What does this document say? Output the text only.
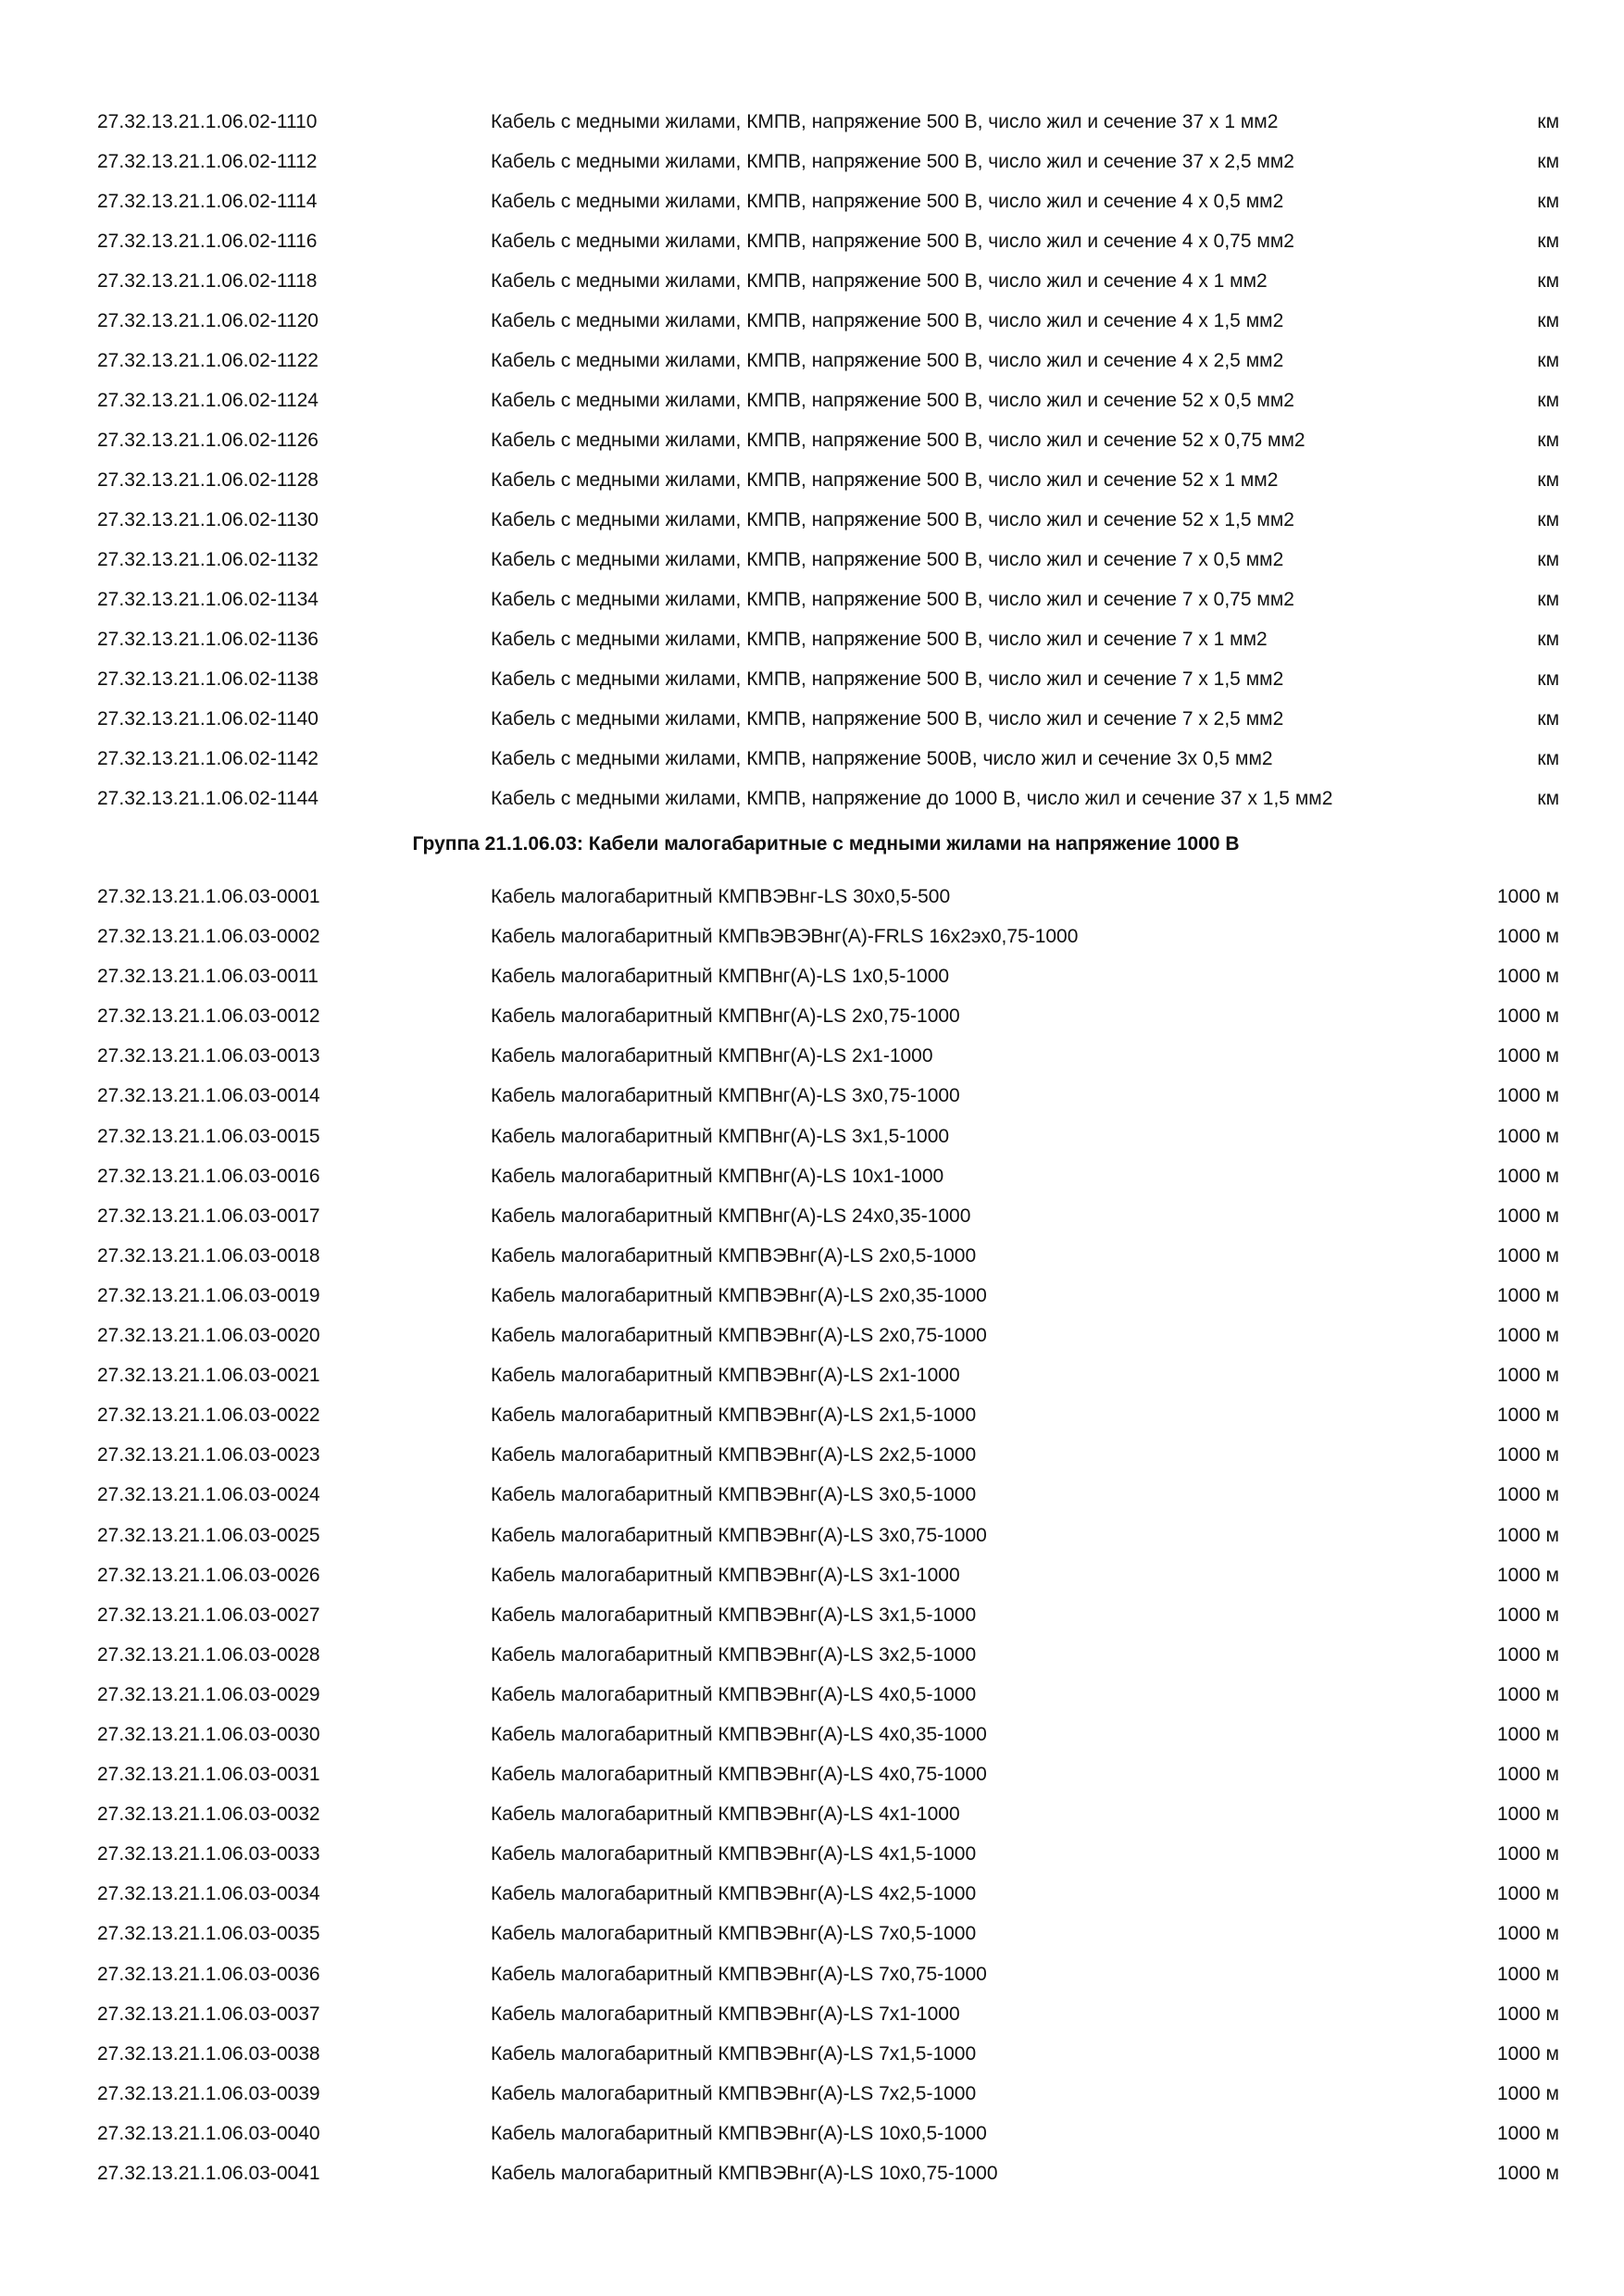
27.32.13.21.1.06.02-1110	Кабель с медными жилами, КМПВ, напряжение 500 В, число жил и сечение 37 х 1 мм2	км
27.32.13.21.1.06.02-1112	Кабель с медными жилами, КМПВ, напряжение 500 В, число жил и сечение 37 х 2,5 мм2	км
27.32.13.21.1.06.02-1114	Кабель с медными жилами, КМПВ, напряжение 500 В, число жил и сечение 4 х 0,5 мм2	км
27.32.13.21.1.06.02-1116	Кабель с медными жилами, КМПВ, напряжение 500 В, число жил и сечение 4 х 0,75 мм2	км
27.32.13.21.1.06.02-1118	Кабель с медными жилами, КМПВ, напряжение 500 В, число жил и сечение 4 х 1 мм2	км
27.32.13.21.1.06.02-1120	Кабель с медными жилами, КМПВ, напряжение 500 В, число жил и сечение 4 х 1,5 мм2	км
27.32.13.21.1.06.02-1122	Кабель с медными жилами, КМПВ, напряжение 500 В, число жил и сечение 4 х 2,5 мм2	км
27.32.13.21.1.06.02-1124	Кабель с медными жилами, КМПВ, напряжение 500 В, число жил и сечение 52 х 0,5 мм2	км
27.32.13.21.1.06.02-1126	Кабель с медными жилами, КМПВ, напряжение 500 В, число жил и сечение 52 х 0,75 мм2	км
27.32.13.21.1.06.02-1128	Кабель с медными жилами, КМПВ, напряжение 500 В, число жил и сечение 52 х 1 мм2	км
27.32.13.21.1.06.02-1130	Кабель с медными жилами, КМПВ, напряжение 500 В, число жил и сечение 52 х 1,5 мм2	км
27.32.13.21.1.06.02-1132	Кабель с медными жилами, КМПВ, напряжение 500 В, число жил и сечение 7 х 0,5 мм2	км
27.32.13.21.1.06.02-1134	Кабель с медными жилами, КМПВ, напряжение 500 В, число жил и сечение 7 х 0,75 мм2	км
27.32.13.21.1.06.02-1136	Кабель с медными жилами, КМПВ, напряжение 500 В, число жил и сечение 7 х 1 мм2	км
27.32.13.21.1.06.02-1138	Кабель с медными жилами, КМПВ, напряжение 500 В, число жил и сечение 7 х 1,5 мм2	км
27.32.13.21.1.06.02-1140	Кабель с медными жилами, КМПВ, напряжение 500 В, число жил и сечение 7 х 2,5 мм2	км
27.32.13.21.1.06.02-1142	Кабель с медными жилами, КМПВ, напряжение 500В, число жил и сечение 3х 0,5 мм2	км
27.32.13.21.1.06.02-1144	Кабель с медными жилами, КМПВ, напряжение до 1000 В, число жил и сечение 37 х 1,5 мм2	км
Группа 21.1.06.03: Кабели малогабаритные с медными жилами на напряжение 1000 В
27.32.13.21.1.06.03-0001	Кабель малогабаритный КМПВЭВнг-LS 30х0,5-500	1000 м
27.32.13.21.1.06.03-0002	Кабель малогабаритный КМПвЭВЭВнг(А)-FRLS 16х2эх0,75-1000	1000 м
27.32.13.21.1.06.03-0011	Кабель малогабаритный КМПВнг(А)-LS 1х0,5-1000	1000 м
27.32.13.21.1.06.03-0012	Кабель малогабаритный КМПВнг(А)-LS 2х0,75-1000	1000 м
27.32.13.21.1.06.03-0013	Кабель малогабаритный КМПВнг(А)-LS 2х1-1000	1000 м
27.32.13.21.1.06.03-0014	Кабель малогабаритный КМПВнг(А)-LS 3х0,75-1000	1000 м
27.32.13.21.1.06.03-0015	Кабель малогабаритный КМПВнг(А)-LS 3х1,5-1000	1000 м
27.32.13.21.1.06.03-0016	Кабель малогабаритный КМПВнг(А)-LS 10х1-1000	1000 м
27.32.13.21.1.06.03-0017	Кабель малогабаритный КМПВнг(А)-LS 24х0,35-1000	1000 м
27.32.13.21.1.06.03-0018	Кабель малогабаритный КМПВЭВнг(А)-LS 2х0,5-1000	1000 м
27.32.13.21.1.06.03-0019	Кабель малогабаритный КМПВЭВнг(А)-LS 2х0,35-1000	1000 м
27.32.13.21.1.06.03-0020	Кабель малогабаритный КМПВЭВнг(А)-LS 2х0,75-1000	1000 м
27.32.13.21.1.06.03-0021	Кабель малогабаритный КМПВЭВнг(А)-LS 2х1-1000	1000 м
27.32.13.21.1.06.03-0022	Кабель малогабаритный КМПВЭВнг(А)-LS 2х1,5-1000	1000 м
27.32.13.21.1.06.03-0023	Кабель малогабаритный КМПВЭВнг(А)-LS 2х2,5-1000	1000 м
27.32.13.21.1.06.03-0024	Кабель малогабаритный КМПВЭВнг(А)-LS 3х0,5-1000	1000 м
27.32.13.21.1.06.03-0025	Кабель малогабаритный КМПВЭВнг(А)-LS 3х0,75-1000	1000 м
27.32.13.21.1.06.03-0026	Кабель малогабаритный КМПВЭВнг(А)-LS 3х1-1000	1000 м
27.32.13.21.1.06.03-0027	Кабель малогабаритный КМПВЭВнг(А)-LS 3х1,5-1000	1000 м
27.32.13.21.1.06.03-0028	Кабель малогабаритный КМПВЭВнг(А)-LS 3х2,5-1000	1000 м
27.32.13.21.1.06.03-0029	Кабель малогабаритный КМПВЭВнг(А)-LS 4х0,5-1000	1000 м
27.32.13.21.1.06.03-0030	Кабель малогабаритный КМПВЭВнг(А)-LS 4х0,35-1000	1000 м
27.32.13.21.1.06.03-0031	Кабель малогабаритный КМПВЭВнг(А)-LS 4х0,75-1000	1000 м
27.32.13.21.1.06.03-0032	Кабель малогабаритный КМПВЭВнг(А)-LS 4х1-1000	1000 м
27.32.13.21.1.06.03-0033	Кабель малогабаритный КМПВЭВнг(А)-LS 4х1,5-1000	1000 м
27.32.13.21.1.06.03-0034	Кабель малогабаритный КМПВЭВнг(А)-LS 4х2,5-1000	1000 м
27.32.13.21.1.06.03-0035	Кабель малогабаритный КМПВЭВнг(А)-LS 7х0,5-1000	1000 м
27.32.13.21.1.06.03-0036	Кабель малогабаритный КМПВЭВнг(А)-LS 7х0,75-1000	1000 м
27.32.13.21.1.06.03-0037	Кабель малогабаритный КМПВЭВнг(А)-LS 7х1-1000	1000 м
27.32.13.21.1.06.03-0038	Кабель малогабаритный КМПВЭВнг(А)-LS 7х1,5-1000	1000 м
27.32.13.21.1.06.03-0039	Кабель малогабаритный КМПВЭВнг(А)-LS 7х2,5-1000	1000 м
27.32.13.21.1.06.03-0040	Кабель малогабаритный КМПВЭВнг(А)-LS 10х0,5-1000	1000 м
27.32.13.21.1.06.03-0041	Кабель малогабаритный КМПВЭВнг(А)-LS 10х0,75-1000	1000 м
